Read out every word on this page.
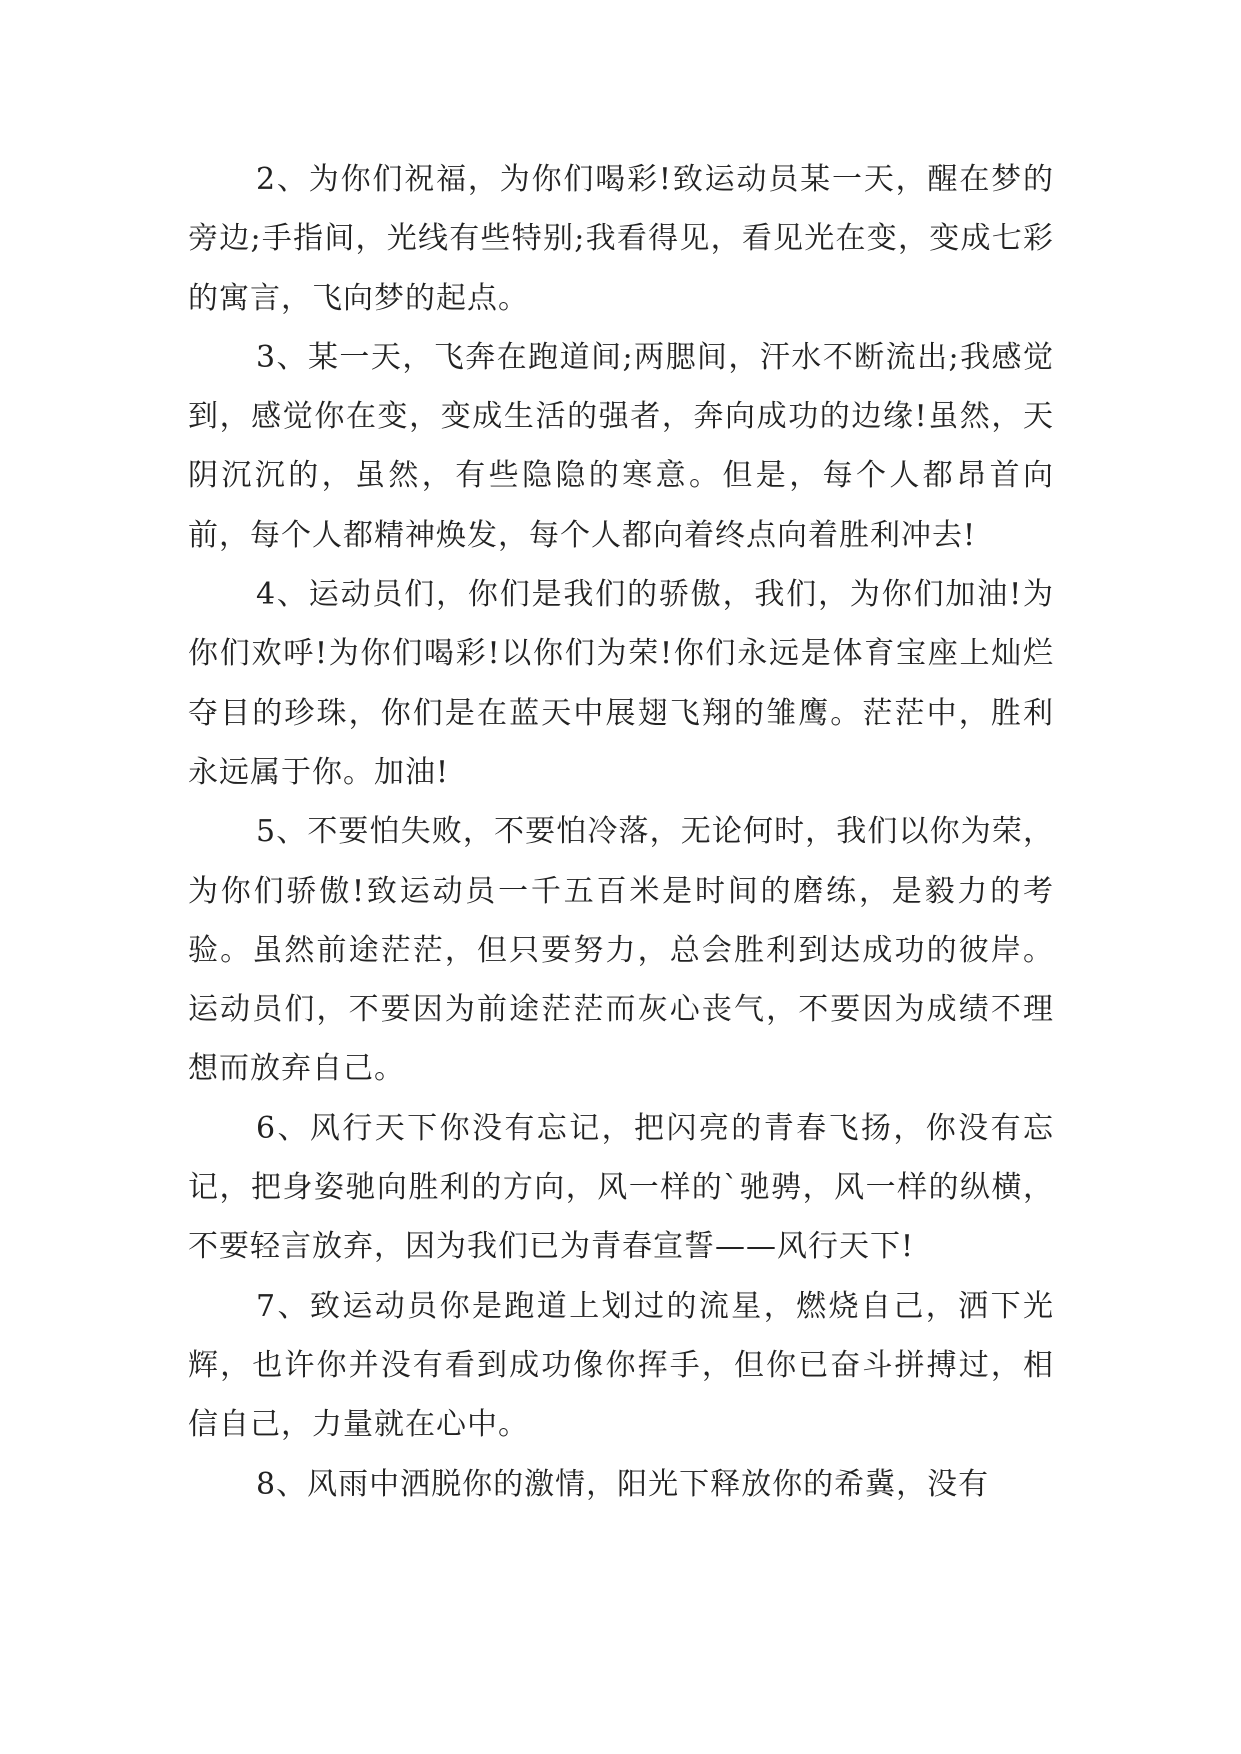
2、为你们祝福，为你们喝彩!致运动员某一天，醒在梦的旁边;手指间，光线有些特别;我看得见，看见光在变，变成七彩的寓言，飞向梦的起点。

3、某一天，飞奔在跑道间;两腮间，汗水不断流出;我感觉到，感觉你在变，变成生活的强者，奔向成功的边缘!虽然，天阴沉沉的，虽然，有些隐隐的寒意。但是，每个人都昂首向前，每个人都精神焕发，每个人都向着终点向着胜利冲去!

4、运动员们，你们是我们的骄傲，我们，为你们加油!为你们欢呼!为你们喝彩!以你们为荣!你们永远是体育宝座上灿烂夺目的珍珠，你们是在蓝天中展翅飞翔的雏鹰。茫茫中，胜利永远属于你。加油!

5、不要怕失败，不要怕冷落，无论何时，我们以你为荣，为你们骄傲!致运动员一千五百米是时间的磨练，是毅力的考验。虽然前途茫茫，但只要努力，总会胜利到达成功的彼岸。运动员们，不要因为前途茫茫而灰心丧气，不要因为成绩不理想而放弃自己。

6、风行天下你没有忘记，把闪亮的青春飞扬，你没有忘记，把身姿驰向胜利的方向，风一样的`驰骋，风一样的纵横，不要轻言放弃，因为我们已为青春宣誓——风行天下!

7、致运动员你是跑道上划过的流星，燃烧自己，洒下光辉，也许你并没有看到成功像你挥手，但你已奋斗拼搏过，相信自己，力量就在心中。

8、风雨中洒脱你的激情，阳光下释放你的希冀，没有
